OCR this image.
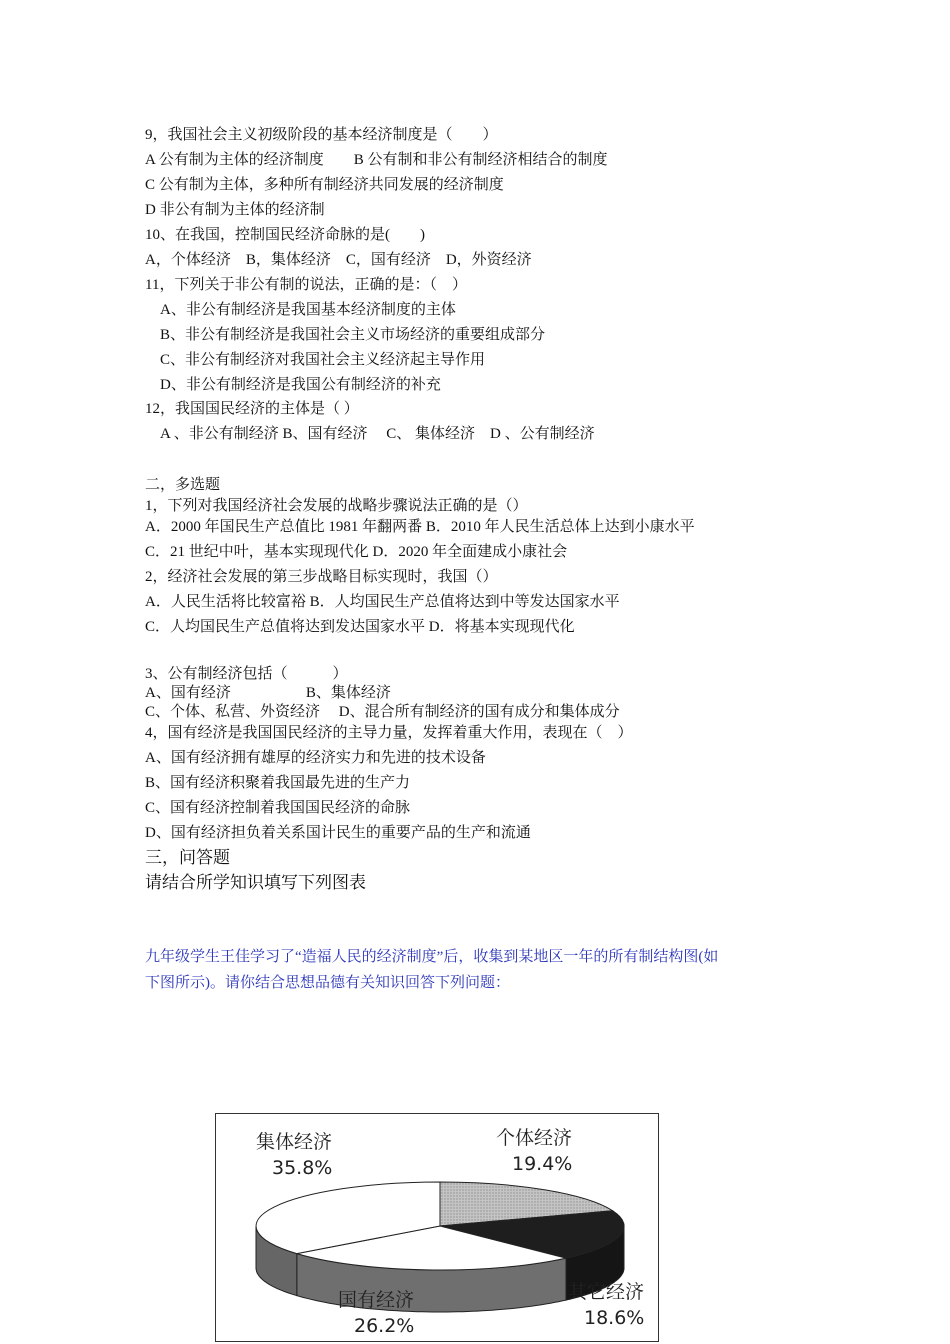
9，我国社会主义初级阶段的基本经济制度是（　　）
A 公有制为主体的经济制度　　B 公有制和非公有制经济相结合的制度
C 公有制为主体，多种所有制经济共同发展的经济制度
D 非公有制为主体的经济制
10、在我国，控制国民经济命脉的是(　　)
A，个体经济　B，集体经济　C，国有经济　D，外资经济
11，下列关于非公有制的说法，正确的是：（　）
A、非公有制经济是我国基本经济制度的主体
B、非公有制经济是我国社会主义市场经济的重要组成部分
C、非公有制经济对我国社会主义经济起主导作用
D、非公有制经济是我国公有制经济的补充
12，我国国民经济的主体是（ ）
A 、非公有制经济 B、国有经济　 C、 集体经济　D 、公有制经济
二，多选题
1，下列对我国经济社会发展的战略步骤说法正确的是（）
A．2000 年国民生产总值比 1981 年翻两番 B．2010 年人民生活总体上达到小康水平
C．21 世纪中叶，基本实现现代化 D．2020 年全面建成小康社会
2，经济社会发展的第三步战略目标实现时，我国（）
A．人民生活将比较富裕 B．人均国民生产总值将达到中等发达国家水平
C．人均国民生产总值将达到发达国家水平 D．将基本实现现代化
3、公有制经济包括（　　　）
A、国有经济　　　　　B、集体经济
C、个体、私营、外资经济　 D、混合所有制经济的国有成分和集体成分
4，国有经济是我国国民经济的主导力量，发挥着重大作用，表现在（　）
A、国有经济拥有雄厚的经济实力和先进的技术设备
B、国有经济积聚着我国最先进的生产力
C、国有经济控制着我国国民经济的命脉
D、国有经济担负着关系国计民生的重要产品的生产和流通
三，问答题
请结合所学知识填写下列图表
九年级学生王佳学习了“造福人民的经济制度”后，收集到某地区一年的所有制结构图(如
下图所示)。请你结合思想品德有关知识回答下列问题：
集体经济
35.8%
个体经济
19.4%
其它经济
18.6%
国有经济
26.2%
